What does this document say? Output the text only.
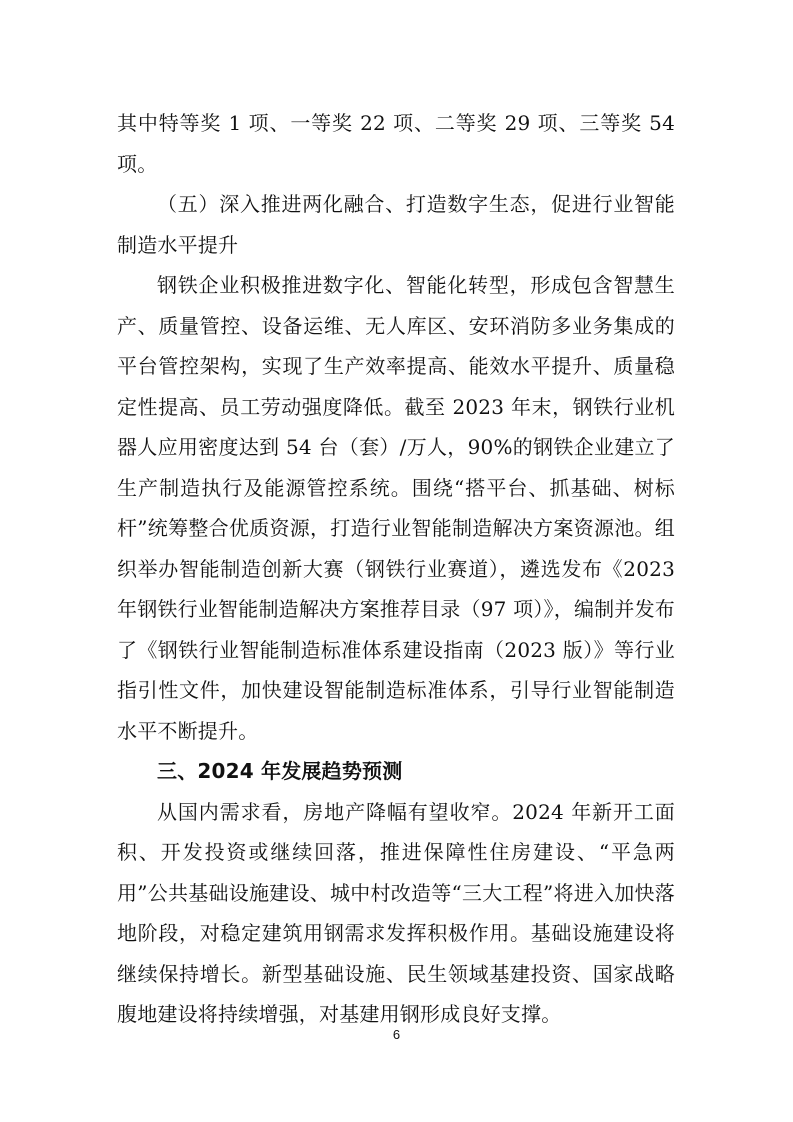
其中特等奖 1 项、一等奖 22 项、二等奖 29 项、三等奖 54 项。

（五）深入推进两化融合、打造数字生态，促进行业智能制造水平提升

钢铁企业积极推进数字化、智能化转型，形成包含智慧生产、质量管控、设备运维、无人库区、安环消防多业务集成的平台管控架构，实现了生产效率提高、能效水平提升、质量稳定性提高、员工劳动强度降低。截至 2023 年末，钢铁行业机器人应用密度达到 54 台（套）/万人，90%的钢铁企业建立了生产制造执行及能源管控系统。围绕“搭平台、抓基础、树标杆”统筹整合优质资源，打造行业智能制造解决方案资源池。组织举办智能制造创新大赛（钢铁行业赛道），遴选发布《2023 年钢铁行业智能制造解决方案推荐目录（97 项）》，编制并发布了《钢铁行业智能制造标准体系建设指南（2023 版）》等行业指引性文件，加快建设智能制造标准体系，引导行业智能制造水平不断提升。

三、2024 年发展趋势预测

从国内需求看，房地产降幅有望收窄。2024 年新开工面积、开发投资或继续回落，推进保障性住房建设、“平急两用”公共基础设施建设、城中村改造等“三大工程”将进入加快落地阶段，对稳定建筑用钢需求发挥积极作用。基础设施建设将继续保持增长。新型基础设施、民生领域基建投资、国家战略腹地建设将持续增强，对基建用钢形成良好支撑。

6
